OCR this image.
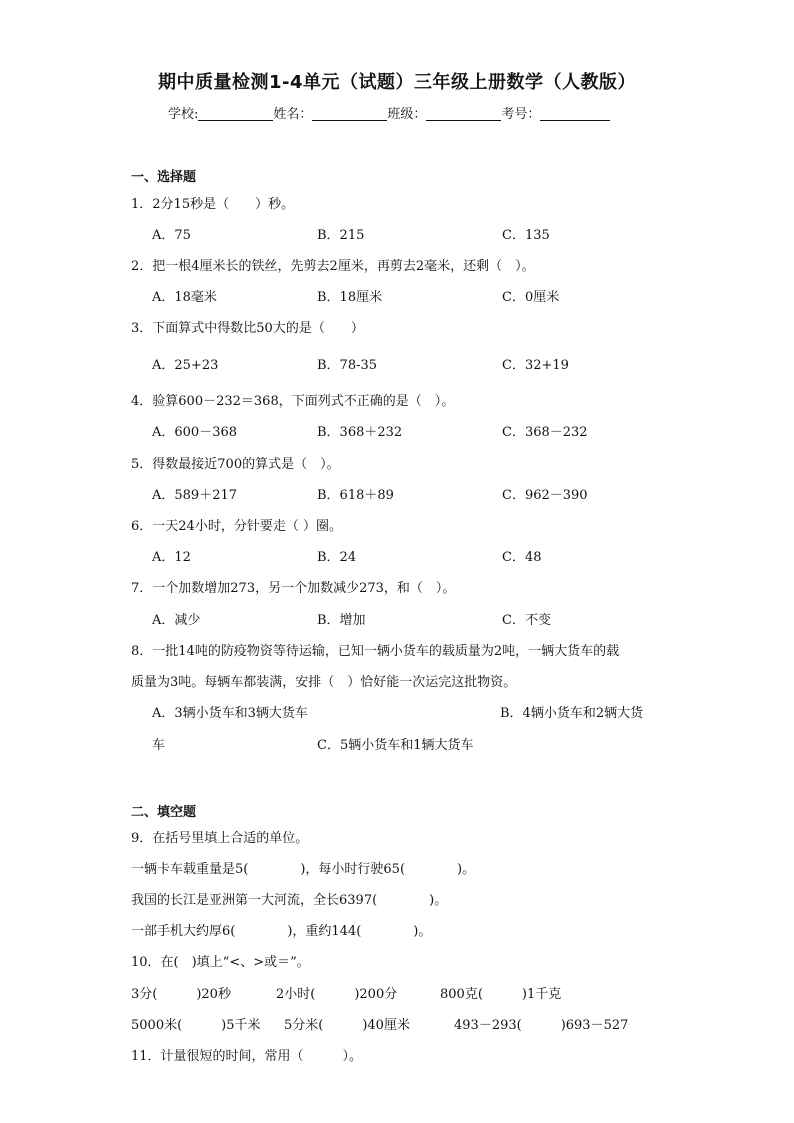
期中质量检测1-4单元（试题）三年级上册数学（人教版）
学校:	姓名：	班级：	考号：
一、选择题
1．2分15秒是（　　）秒。
A．75	B．215	C．135
2．把一根4厘米长的铁丝，先剪去2厘米，再剪去2毫米，还剩（　）。
A．18毫米	B．18厘米	C．0厘米
3．下面算式中得数比50大的是（　　）
A．25+23	B．78-35	C．32+19
4．验算600－232＝368，下面列式不正确的是（　）。
A．600－368	B．368＋232	C．368－232
5．得数最接近700的算式是（　）。
A．589＋217	B．618＋89	C．962－390
6．一天24小时，分针要走（ ）圈。
A．12	B．24	C．48
7．一个加数增加273，另一个加数减少273，和（　）。
A．减少	B．增加	C．不变
8．一批14吨的防疫物资等待运输，已知一辆小货车的载质量为2吨，一辆大货车的载
质量为3吨。每辆车都装满，安排（　）恰好能一次运完这批物资。
A．3辆小货车和3辆大货车	B．4辆小货车和2辆大货
车	C．5辆小货车和1辆大货车
二、填空题
9．在括号里填上合适的单位。
一辆卡车载重量是5(　　　　)，每小时行驶65(　　　　)。
我国的长江是亚洲第一大河流，全长6397(　　　　)。
一部手机大约厚6(　　　　)，重约144(　　　　)。
10．在(　)填上“<、>或＝”。
3分(　　　)20秒	2小时(　　　)200分	800克(　　　)1千克
5000米(　　　)5千米 5分米(　　　)40厘米	493－293(　　　)693－527
11．计量很短的时间，常用（　　　）。
